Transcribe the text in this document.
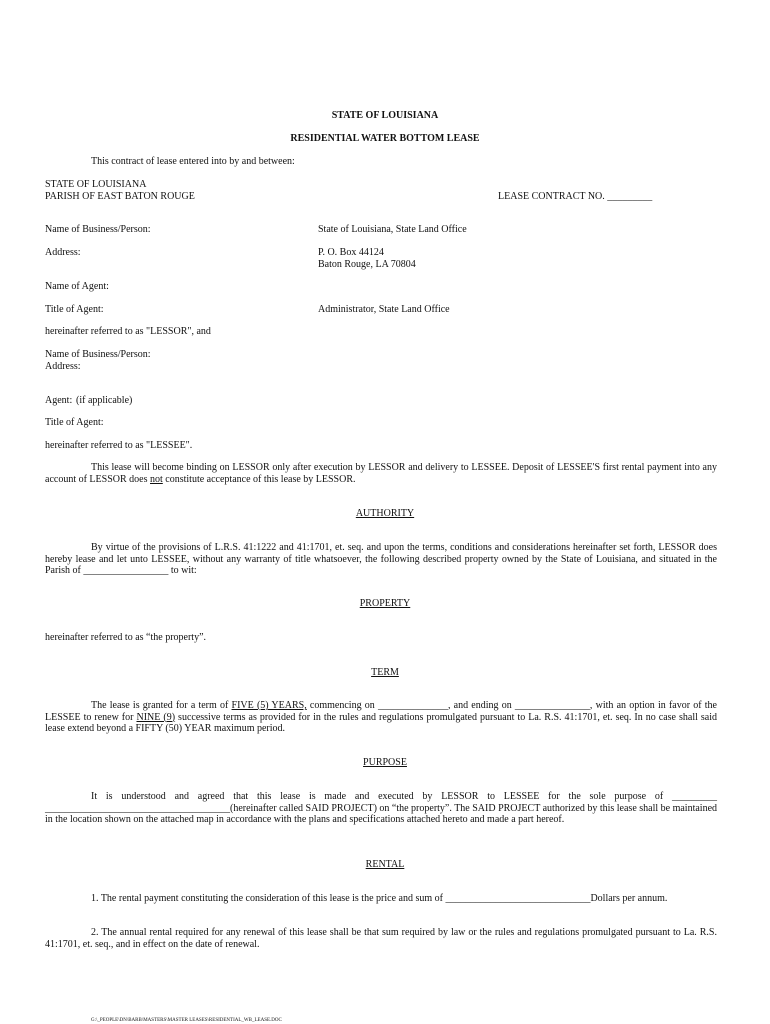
STATE OF LOUISIANA
RESIDENTIAL WATER BOTTOM LEASE
This contract of lease entered into by and between:
STATE OF LOUISIANA
PARISH OF EAST BATON ROUGE	LEASE CONTRACT NO. _________
Name of Business/Person:	State of Louisiana, State Land Office
Address:	P. O. Box 44124
Baton Rouge, LA 70804
Name of Agent:
Title of Agent:	Administrator, State Land Office
hereinafter referred to as "LESSOR", and
Name of Business/Person:
Address:
Agent: (if applicable)
Title of Agent:
hereinafter referred to as "LESSEE".
This lease will become binding on LESSOR only after execution by LESSOR and delivery to LESSEE. Deposit of LESSEE'S first rental payment into any account of LESSOR does not constitute acceptance of this lease by LESSOR.
AUTHORITY
By virtue of the provisions of L.R.S. 41:1222 and 41:1701, et. seq. and upon the terms, conditions and considerations hereinafter set forth, LESSOR does hereby lease and let unto LESSEE, without any warranty of title whatsoever, the following described property owned by the State of Louisiana, and situated in the Parish of _________________ to wit:
PROPERTY
hereinafter referred to as “the property”.
TERM
The lease is granted for a term of FIVE (5) YEARS, commencing on ______________, and ending on _______________, with an option in favor of the LESSEE to renew for NINE (9) successive terms as provided for in the rules and regulations promulgated pursuant to La. R.S. 41:1701, et. seq. In no case shall said lease extend beyond a FIFTY (50) YEAR maximum period.
PURPOSE
It is understood and agreed that this lease is made and executed by LESSOR to LESSEE for the sole purpose of _________ _____________________________________(hereinafter called SAID PROJECT) on “the property”. The SAID PROJECT authorized by this lease shall be maintained in the location shown on the attached map in accordance with the plans and specifications attached hereto and made a part hereof.
RENTAL
1. The rental payment constituting the consideration of this lease is the price and sum of _____________________________Dollars per annum.
2. The annual rental required for any renewal of this lease shall be that sum required by law or the rules and regulations promulgated pursuant to La. R.S. 41:1701, et. seq., and in effect on the date of renewal.
G:\_PEOPLE\DN\BARB\MASTERS\MASTER LEASES\RESIDENTIAL_WB_LEASE.DOC
